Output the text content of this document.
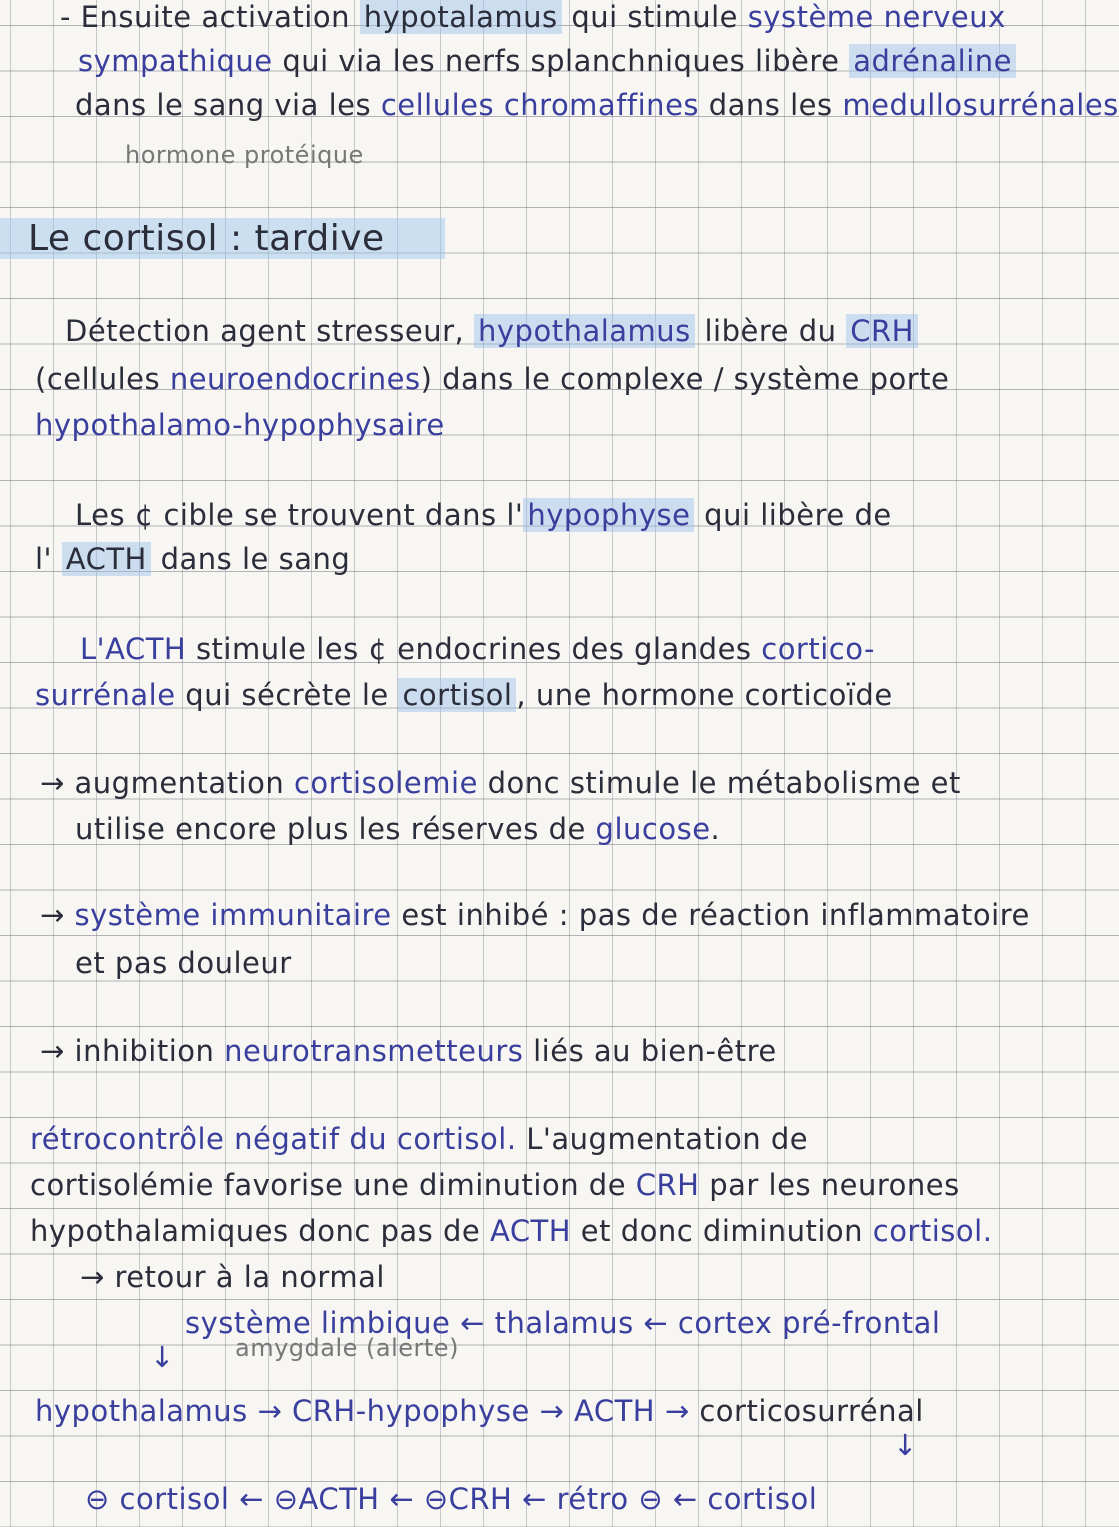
- Ensuite activation hypotalamus qui stimule système nerveux
sympathique qui via les nerfs splanchniques libère adrénaline
dans le sang via les cellules chromaffines dans les medullosurrénales
hormone protéique
Le cortisol : tardive
Détection agent stresseur, hypothalamus libère du CRH
(cellules neuroendocrines) dans le complexe / système porte
hypothalamo-hypophysaire
Les ¢ cible se trouvent dans l' hypophyse qui libère de
l' ACTH dans le sang
L'ACTH stimule les ¢ endocrines des glandes cortico-
surrénale qui sécrète le cortisol , une hormone corticoïde
→ augmentation cortisolemie donc stimule le métabolisme et
utilise encore plus les réserves de glucose.
→ système immunitaire est inhibé : pas de réaction inflammatoire
et pas douleur
→ inhibition neurotransmetteurs liés au bien-être
rétrocontrôle négatif du cortisol. L'augmentation de
cortisolémie favorise une diminution de CRH par les neurones
hypothalamiques donc pas de ACTH et donc diminution cortisol.
→ retour à la normal
système limbique ← thalamus ← cortex pré-frontal
amygdale (alerte)
↓
hypothalamus → CRH-hypophyse → ACTH → corticosurrénal
↓
⊖ cortisol ← ⊖ACTH ← ⊖CRH ← rétro ⊖ ← cortisol
